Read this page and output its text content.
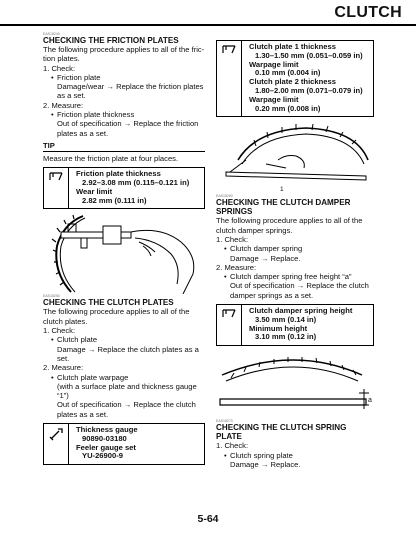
CLUTCH
EAS18240
CHECKING THE FRICTION PLATES
The following procedure applies to all of the fric-
tion plates.
1. Check:
• Friction plate
Damage/wear → Replace the friction plates
as a set.
2. Measure:
• Friction plate thickness
Out of specification → Replace the friction
plates as a set.
TIP
Measure the friction plate at four places.
Friction plate thickness
2.92–3.08 mm (0.115–0.121 in)
Wear limit
2.82 mm (0.111 in)
EAS18250
CHECKING THE CLUTCH PLATES
The following procedure applies to all of the
clutch plates.
1. Check:
• Clutch plate
Damage → Replace the clutch plates as a
set.
2. Measure:
• Clutch plate warpage
(with a surface plate and thickness gauge “1”)
Out of specification → Replace the clutch
plates as a set.
Thickness gauge
90890-03180
Feeler gauge set
YU-26900-9
Clutch plate 1 thickness
1.30–1.50 mm (0.051–0.059 in)
Warpage limit
0.10 mm (0.004 in)
Clutch plate 2 thickness
1.80–2.00 mm (0.071–0.079 in)
Warpage limit
0.20 mm (0.008 in)
1
EAS18260
CHECKING THE CLUTCH DAMPER
SPRINGS
The following procedure applies to all of the
clutch damper springs.
1. Check:
• Clutch damper spring
Damage → Replace.
2. Measure:
• Clutch damper spring free height “a”
Out of specification → Replace the clutch
damper springs as a set.
Clutch damper spring height
3.50 mm (0.14 in)
Minimum height
3.10 mm (0.12 in)
a
EAS18270
CHECKING THE CLUTCH SPRING PLATE
1. Check:
• Clutch spring plate
Damage → Replace.
5-64
